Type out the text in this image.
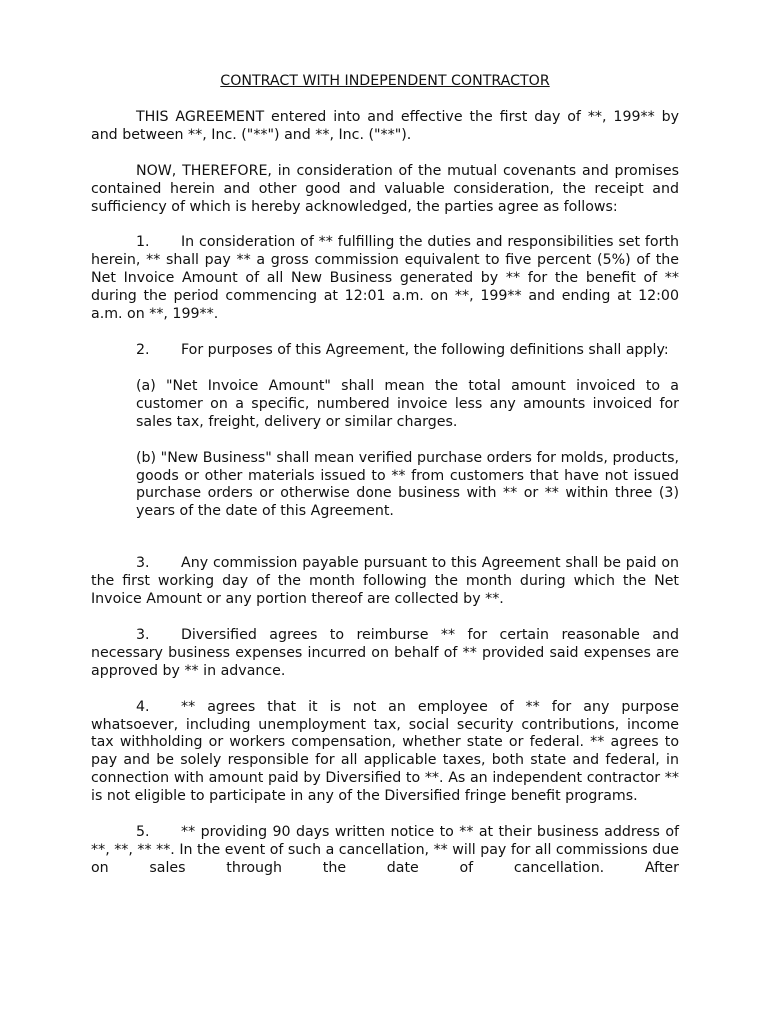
CONTRACT WITH INDEPENDENT CONTRACTOR

THIS AGREEMENT entered into and effective the first day of **, 199** by and between **, Inc. ("**") and **, Inc. ("**").

NOW, THEREFORE, in consideration of the mutual covenants and promises contained herein and other good and valuable consideration, the receipt and sufficiency of which is hereby acknowledged, the parties agree as follows:

1. In consideration of ** fulfilling the duties and responsibilities set forth herein, ** shall pay ** a gross commission equivalent to five percent (5%) of the Net Invoice Amount of all New Business generated by ** for the benefit of ** during the period commencing at 12:01 a.m. on **, 199** and ending at 12:00 a.m. on **, 199**.

2. For purposes of this Agreement, the following definitions shall apply:

(a) "Net Invoice Amount" shall mean the total amount invoiced to a customer on a specific, numbered invoice less any amounts invoiced for sales tax, freight, delivery or similar charges.

(b) "New Business" shall mean verified purchase orders for molds, products, goods or other materials issued to ** from customers that have not issued purchase orders or otherwise done business with ** or ** within three (3) years of the date of this Agreement.

3. Any commission payable pursuant to this Agreement shall be paid on the first working day of the month following the month during which the Net Invoice Amount or any portion thereof are collected by **.

3. Diversified agrees to reimburse ** for certain reasonable and necessary business expenses incurred on behalf of ** provided said expenses are approved by ** in advance.

4. ** agrees that it is not an employee of ** for any purpose whatsoever, including unemployment tax, social security contributions, income tax withholding or workers compensation, whether state or federal. ** agrees to pay and be solely responsible for all applicable taxes, both state and federal, in connection with amount paid by Diversified to **. As an independent contractor ** is not eligible to participate in any of the Diversified fringe benefit programs.

5. ** providing 90 days written notice to ** at their business address of **, **, ** **. In the event of such a cancellation, ** will pay for all commissions due on sales through the date of cancellation. After
